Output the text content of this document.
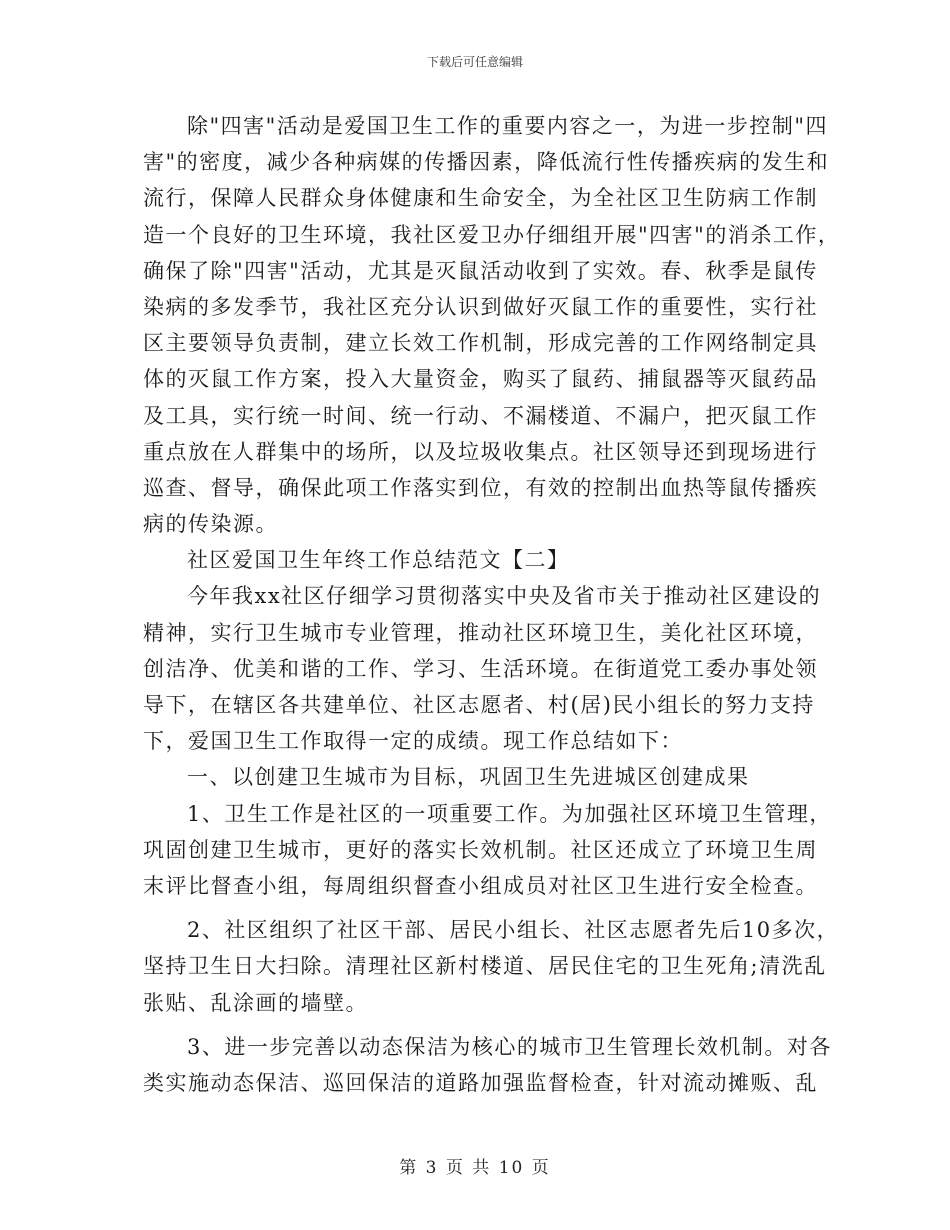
下载后可任意编辑
除"四害"活动是爱国卫生工作的重要内容之一，为进一步控制"四
害"的密度，减少各种病媒的传播因素，降低流行性传播疾病的发生和
流行，保障人民群众身体健康和生命安全，为全社区卫生防病工作制
造一个良好的卫生环境，我社区爱卫办仔细组开展"四害"的消杀工作，
确保了除"四害"活动，尤其是灭鼠活动收到了实效。春、秋季是鼠传
染病的多发季节，我社区充分认识到做好灭鼠工作的重要性，实行社
区主要领导负责制，建立长效工作机制，形成完善的工作网络制定具
体的灭鼠工作方案，投入大量资金，购买了鼠药、捕鼠器等灭鼠药品
及工具，实行统一时间、统一行动、不漏楼道、不漏户，把灭鼠工作
重点放在人群集中的场所，以及垃圾收集点。社区领导还到现场进行
巡查、督导，确保此项工作落实到位，有效的控制出血热等鼠传播疾
病的传染源。
社区爱国卫生年终工作总结范文【二】
今年我xx社区仔细学习贯彻落实中央及省市关于推动社区建设的
精神，实行卫生城市专业管理，推动社区环境卫生，美化社区环境，
创洁净、优美和谐的工作、学习、生活环境。在街道党工委办事处领
导下，在辖区各共建单位、社区志愿者、村(居)民小组长的努力支持
下，爱国卫生工作取得一定的成绩。现工作总结如下：
一、以创建卫生城市为目标，巩固卫生先进城区创建成果
1、卫生工作是社区的一项重要工作。为加强社区环境卫生管理，
巩固创建卫生城市，更好的落实长效机制。社区还成立了环境卫生周
末评比督查小组，每周组织督查小组成员对社区卫生进行安全检查。
2、社区组织了社区干部、居民小组长、社区志愿者先后10多次，
坚持卫生日大扫除。清理社区新村楼道、居民住宅的卫生死角;清洗乱
张贴、乱涂画的墙壁。
3、进一步完善以动态保洁为核心的城市卫生管理长效机制。对各
类实施动态保洁、巡回保洁的道路加强监督检查，针对流动摊贩、乱
第 3 页 共 10 页
